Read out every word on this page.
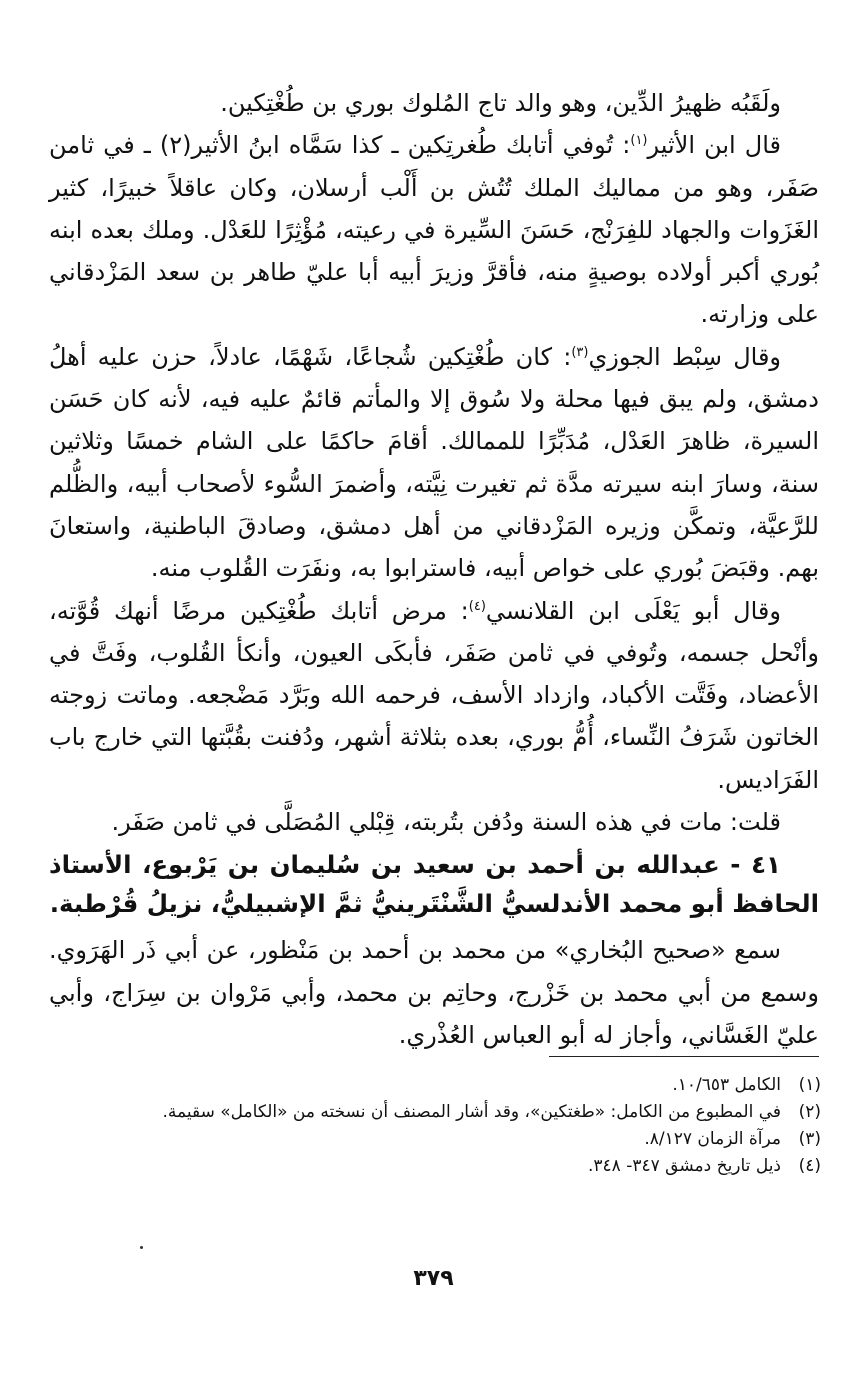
ولَقَبُه ظهيرُ الدِّين، وهو والد تاج المُلوك بوري بن طُغْتِكين.

قال ابن الأثير$^{(١)}$: تُوفي أتابك طُغرتِكين ـ كذا سَمَّاه ابنُ الأثير(٢) ـ في ثامن صَفَر، وهو من مماليك الملك تُتُش بن أَلْب أرسلان، وكان عاقلاً خبيرًا، كثير الغَزَوات والجهاد للفِرَنْج، حَسَنَ السِّيرة في رعيته، مُؤْثِرًا للعَدْل. وملك بعده ابنه بُوري أكبر أولاده بوصيةٍ منه، فأقرَّ وزيرَ أبيه أبا عليّ طاهر بن سعد المَزْدقاني على وزارته.

وقال سِبْط الجوزي$^{(٣)}$: كان طُغْتِكين شُجاعًا، شَهْمًا، عادلاً، حزن عليه أهلُ دمشق، ولم يبق فيها محلة ولا سُوق إلا والمأتم قائمٌ عليه فيه، لأنه كان حَسَن السيرة، ظاهرَ العَدْل، مُدَبِّرًا للممالك. أقامَ حاكمًا على الشام خمسًا وثلاثين سنة، وسارَ ابنه سيرته مدَّة ثم تغيرت نِيَّته، وأضمرَ السُّوء لأصحاب أبيه، والظُّلم للرَّعيَّة، وتمكَّن وزيره المَزْدقاني من أهل دمشق، وصادقَ الباطنية، واستعانَ بهم. وقبَضَ بُوري على خواص أبيه، فاسترابوا به، ونفَرَت القُلوب منه.

وقال أبو يَعْلَى ابن القلانسي$^{(٤)}$: مرض أتابك طُغْتِكين مرضًا أنهك قُوَّته، وأنْحل جسمه، وتُوفي في ثامن صَفَر، فأبكَى العيون، وأنكأ القُلوب، وفَتَّ في الأعضاد، وفَتَّت الأكباد، وازداد الأسف، فرحمه الله وبَرَّد مَضْجعه. وماتت زوجته الخاتون شَرَفُ النِّساء، أُمُّ بوري، بعده بثلاثة أشهر، ودُفنت بقُبَّتها التي خارج باب الفَرَاديس.

قلت: مات في هذه السنة ودُفن بتُربته، قِبْلي المُصَلَّى في ثامن صَفَر.

٤١ - عبدالله بن أحمد بن سعيد بن سُليمان بن يَرْبوع، الأستاذ الحافظ أبو محمد الأندلسيُّ الشَّنْتَرينيُّ ثمَّ الإشبيليُّ، نزيلُ قُرْطبة.

سمع «صحيح البُخاري» من محمد بن أحمد بن مَنْظور، عن أبي ذَر الهَرَوي. وسمع من أبي محمد بن خَزْرج، وحاتِم بن محمد، وأبي مَرْوان بن سِرَاج، وأبي عليّ الغَسَّاني، وأجاز له أبو العباس العُذْري.

(١)الكامل ١٠/٦٥٣.
(٢)في المطبوع من الكامل: «طغتكين»، وقد أشار المصنف أن نسخته من «الكامل» سقيمة.
(٣)مرآة الزمان ٨/١٢٧.
(٤)ذيل تاريخ دمشق ٣٤٧- ٣٤٨.
٣٧٩
